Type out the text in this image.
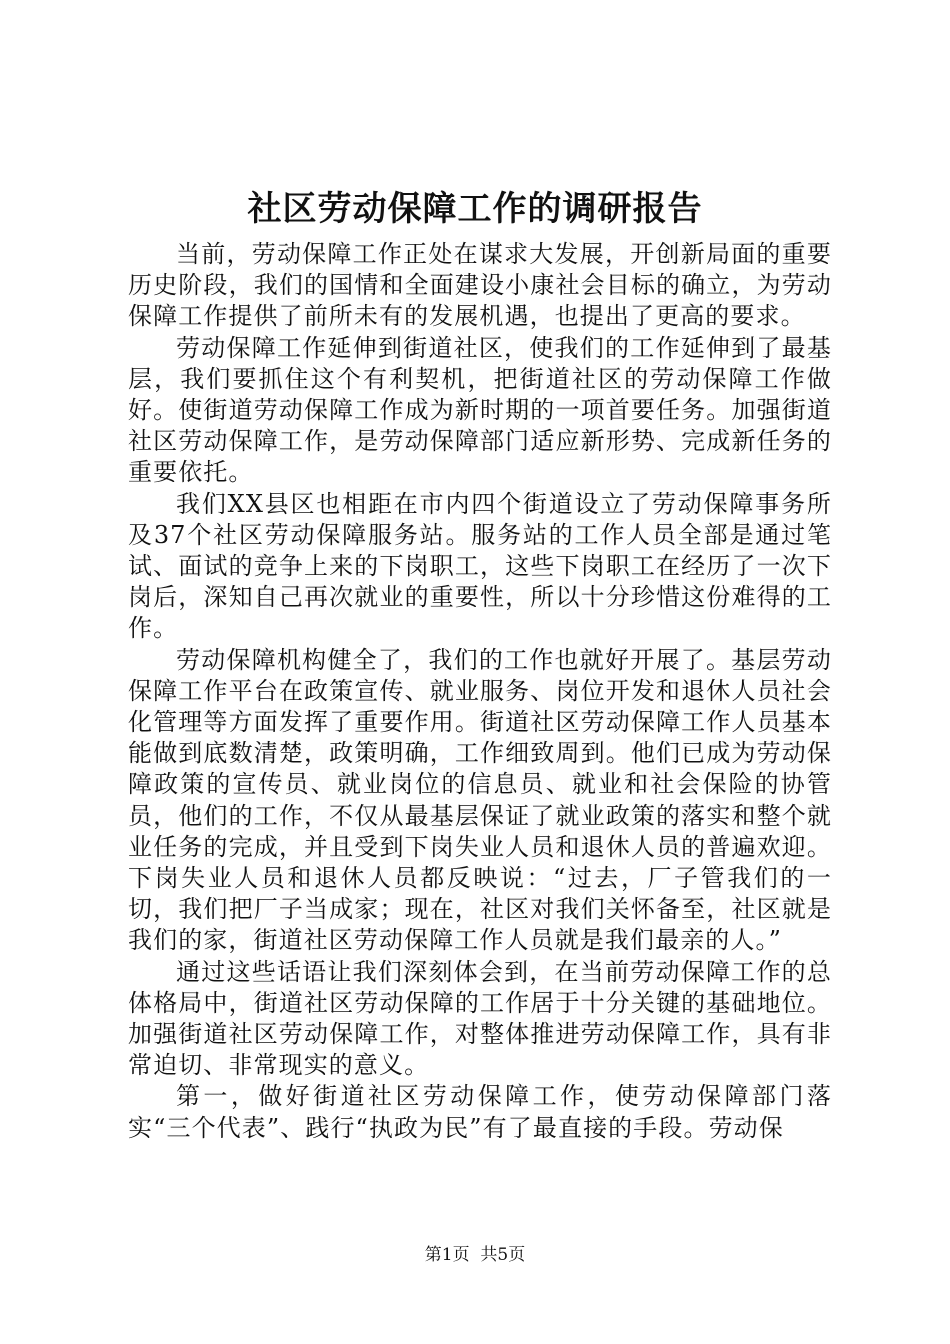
社区劳动保障工作的调研报告

当前，劳动保障工作正处在谋求大发展，开创新局面的重要历史阶段，我们的国情和全面建设小康社会目标的确立，为劳动保障工作提供了前所未有的发展机遇，也提出了更高的要求。

劳动保障工作延伸到街道社区，使我们的工作延伸到了最基层，我们要抓住这个有利契机，把街道社区的劳动保障工作做好。使街道劳动保障工作成为新时期的一项首要任务。加强街道社区劳动保障工作，是劳动保障部门适应新形势、完成新任务的重要依托。

我们XX县区也相距在市内四个街道设立了劳动保障事务所及37个社区劳动保障服务站。服务站的工作人员全部是通过笔试、面试的竞争上来的下岗职工，这些下岗职工在经历了一次下岗后，深知自己再次就业的重要性，所以十分珍惜这份难得的工作。

劳动保障机构健全了，我们的工作也就好开展了。基层劳动保障工作平台在政策宣传、就业服务、岗位开发和退休人员社会化管理等方面发挥了重要作用。街道社区劳动保障工作人员基本能做到底数清楚，政策明确，工作细致周到。他们已成为劳动保障政策的宣传员、就业岗位的信息员、就业和社会保险的协管员，他们的工作，不仅从最基层保证了就业政策的落实和整个就业任务的完成，并且受到下岗失业人员和退休人员的普遍欢迎。下岗失业人员和退休人员都反映说：“过去，厂子管我们的一切，我们把厂子当成家；现在，社区对我们关怀备至，社区就是我们的家，街道社区劳动保障工作人员就是我们最亲的人。”

通过这些话语让我们深刻体会到，在当前劳动保障工作的总体格局中，街道社区劳动保障的工作居于十分关键的基础地位。加强街道社区劳动保障工作，对整体推进劳动保障工作，具有非常迫切、非常现实的意义。

第一，做好街道社区劳动保障工作，使劳动保障部门落实“三个代表”、践行“执政为民”有了最直接的手段。劳动保

第1页  共5页
